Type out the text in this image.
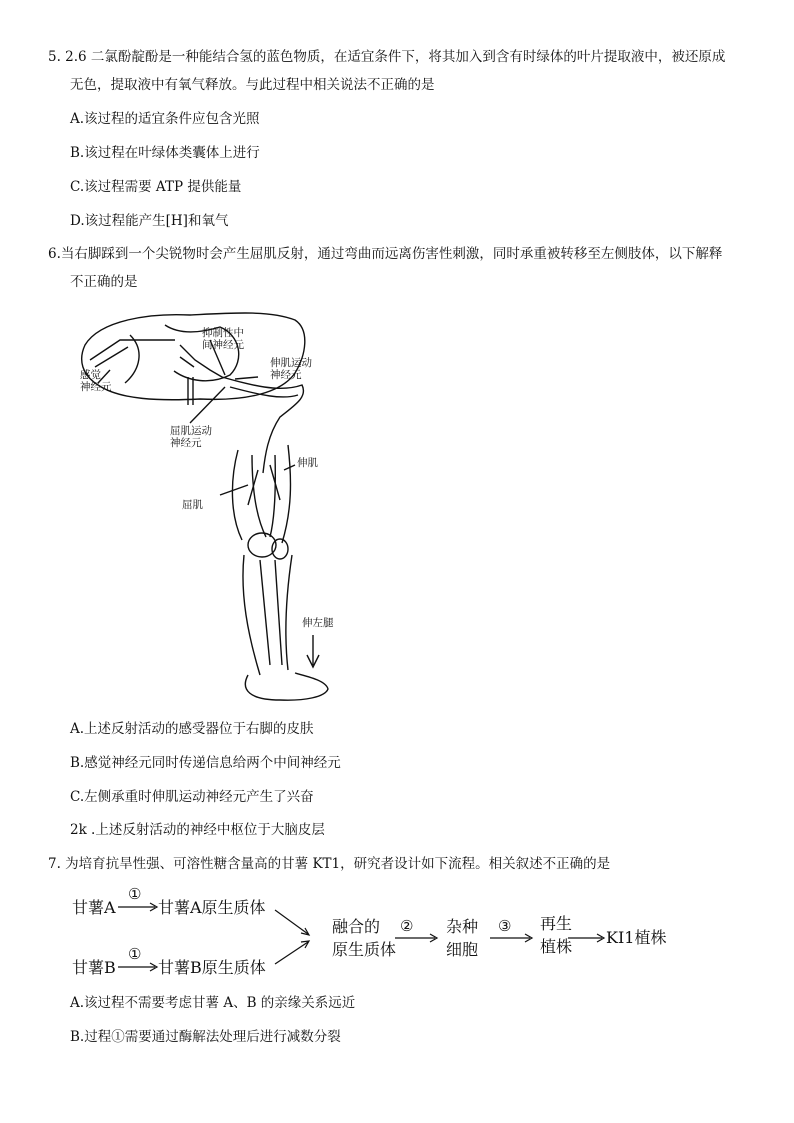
5. 2.6 二氯酚靛酚是一种能结合氢的蓝色物质，在适宜条件下，将其加入到含有时绿体的叶片提取液中，被还原成
无色，提取液中有氧气释放。与此过程中相关说法不正确的是
A.该过程的适宜条件应包含光照
B.该过程在叶绿体类囊体上进行
C.该过程需要 ATP 提供能量
D.该过程能产生[H]和氧气
6.当右脚踩到一个尖锐物时会产生屈肌反射，通过弯曲而远离伤害性刺激，同时承重被转移至左侧肢体，以下解释
不正确的是
抑制性中
间神经元
感觉
神经元
伸肌运动
神经元
屈肌运动
神经元
伸肌
屈肌
伸左腿
A.上述反射活动的感受器位于右脚的皮肤
B.感觉神经元同时传递信息给两个中间神经元
C.左侧承重时伸肌运动神经元产生了兴奋
2k .上述反射活动的神经中枢位于大脑皮层
7. 为培育抗旱性强、可溶性糖含量高的甘薯 KT1，研究者设计如下流程。相关叙述不正确的是
甘薯A
①
甘薯A原生质体
甘薯B
①
甘薯B原生质体
融合的
原生质体
② 杂种
细胞
③ 再生
植株 KI1植株
A.该过程不需要考虑甘薯 A、B 的亲缘关系远近
B.过程①需要通过酶解法处理后进行减数分裂
